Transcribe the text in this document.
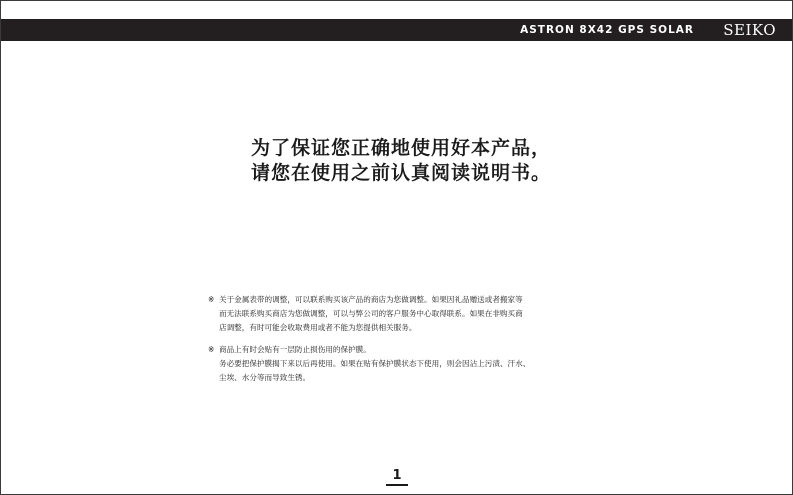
ASTRON 8X42 GPS SOLAR SEIKO
为了保证您正确地使用好本产品，
请您在使用之前认真阅读说明书。
※ 关于金属表带的调整，可以联系购买该产品的商店为您做调整。如果因礼品赠送或者搬家等
而无法联系购买商店为您做调整，可以与弊公司的客户服务中心取得联系。如果在非购买商
店调整，有时可能会收取费用或者不能为您提供相关服务。
※ 商品上有时会贴有一层防止损伤用的保护膜。
务必要把保护膜揭下来以后再使用。如果在贴有保护膜状态下使用，则会因沾上污渍、汗水、
尘埃、水分等而导致生锈。
1
